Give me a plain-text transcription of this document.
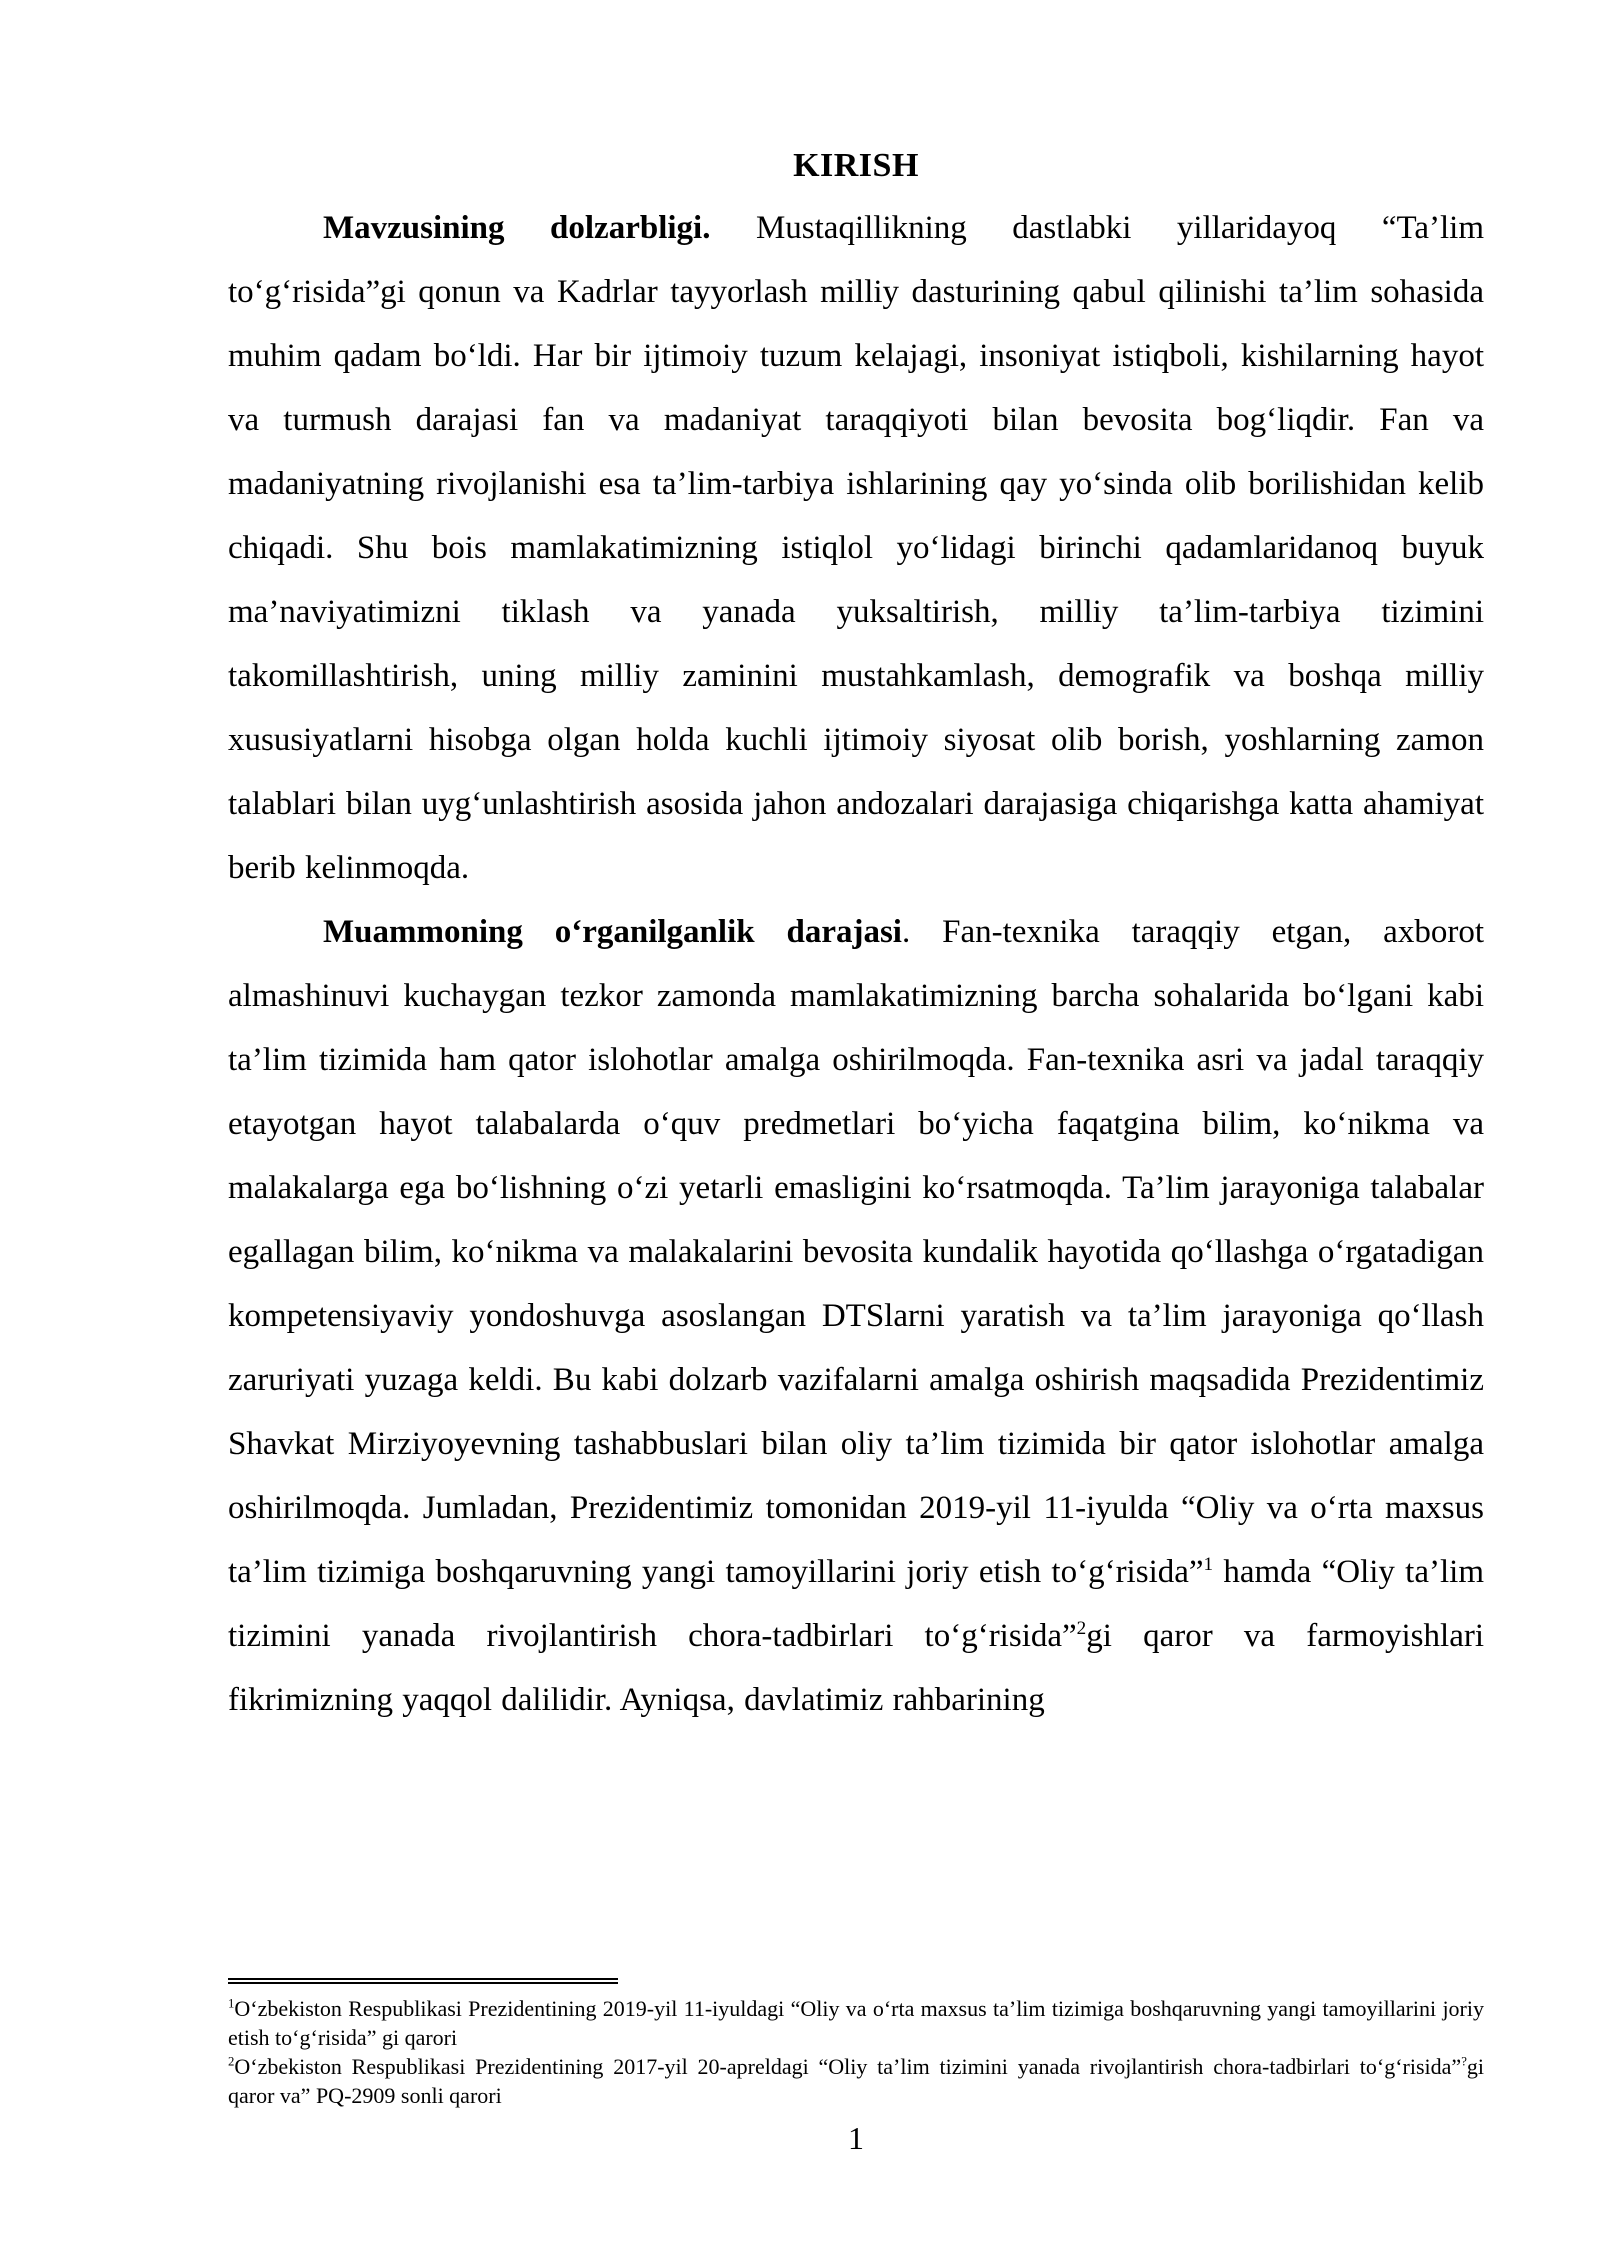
KIRISH

Mavzusining dolzarbligi. Mustaqillikning dastlabki yillaridayoq “Ta’lim to‘g‘risida”gi qonun va Kadrlar tayyorlash milliy dasturining qabul qilinishi ta’lim sohasida muhim qadam bo‘ldi. Har bir ijtimoiy tuzum kelajagi, insoniyat istiqboli, kishilarning hayot va turmush darajasi fan va madaniyat taraqqiyoti bilan bevosita bog‘liqdir. Fan va madaniyatning rivojlanishi esa ta’lim-tarbiya ishlarining qay yo‘sinda olib borilishidan kelib chiqadi. Shu bois mamlakatimizning istiqlol yo‘lidagi birinchi qadamlaridanoq buyuk ma’naviyatimizni tiklash va yanada yuksaltirish, milliy ta’lim-tarbiya tizimini takomillashtirish, uning milliy zaminini mustahkamlash, demografik va boshqa milliy xususiyatlarni hisobga olgan holda kuchli ijtimoiy siyosat olib borish, yoshlarning zamon talablari bilan uyg‘unlashtirish asosida jahon andozalari darajasiga chiqarishga katta ahamiyat berib kelinmoqda.

Muammoning o‘rganilganlik darajasi. Fan-texnika taraqqiy etgan, axborot almashinuvi kuchaygan tezkor zamonda mamlakatimizning barcha sohalarida bo‘lgani kabi ta’lim tizimida ham qator islohotlar amalga oshirilmoqda. Fan-texnika asri va jadal taraqqiy etayotgan hayot talabalarda o‘quv predmetlari bo‘yicha faqatgina bilim, ko‘nikma va malakalarga ega bo‘lishning o‘zi yetarli emasligini ko‘rsatmoqda. Ta’lim jarayoniga talabalar egallagan bilim, ko‘nikma va malakalarini bevosita kundalik hayotida qo‘llashga o‘rgatadigan kompetensiyaviy yondoshuvga asoslangan DTSlarni yaratish va ta’lim jarayoniga qo‘llash zaruriyati yuzaga keldi. Bu kabi dolzarb vazifalarni amalga oshirish maqsadida Prezidentimiz Shavkat Mirziyoyevning tashabbuslari bilan oliy ta’lim tizimida bir qator islohotlar amalga oshirilmoqda. Jumladan, Prezidentimiz tomonidan 2019-yil 11-iyulda “Oliy va o‘rta maxsus ta’lim tizimiga boshqaruvning yangi tamoyillarini joriy etish to‘g‘risida”$^1$ hamda “Oliy ta’lim tizimini yanada rivojlantirish chora-tadbirlari to‘g‘risida”$^2$gi qaror va farmoyishlari fikrimizning yaqqol dalilidir. Ayniqsa, davlatimiz rahbarining

$^1$O‘zbekiston Respublikasi Prezidentining 2019-yil 11-iyuldagi “Oliy va o‘rta maxsus ta’lim tizimiga boshqaruvning yangi tamoyillarini joriy etish to‘g‘risida” gi qarori
$^2$O‘zbekiston Respublikasi Prezidentining 2017-yil 20-apreldagi “Oliy ta’lim tizimini yanada rivojlantirish chora-tadbirlari to‘g‘risida”?gi qaror va” PQ-2909 sonli qarori
1
